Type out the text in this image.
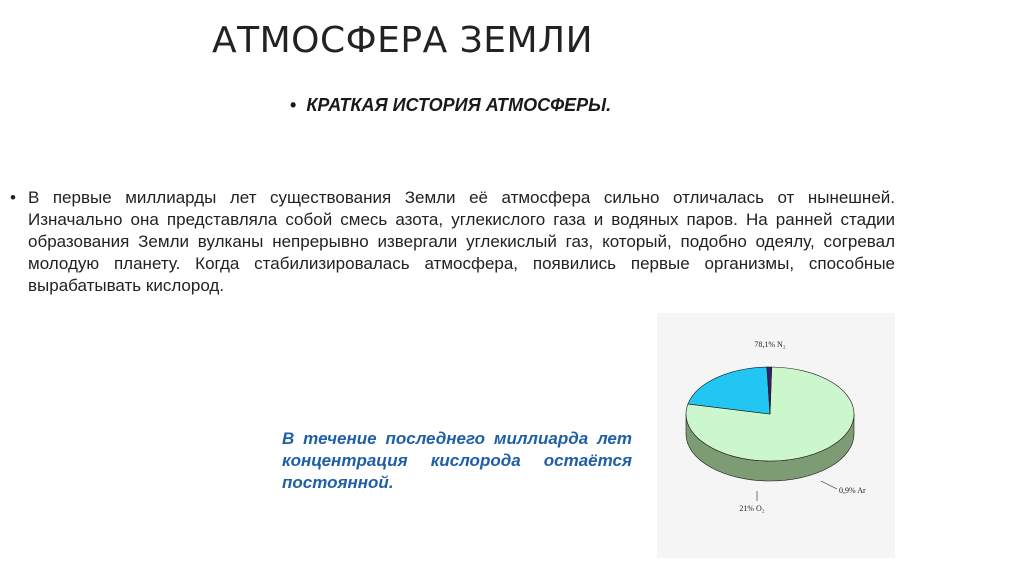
АТМОСФЕРА ЗЕМЛИ
• КРАТКАЯ ИСТОРИЯ АТМОСФЕРЫ.
• В первые миллиарды лет существования Земли её атмосфера сильно отличалась от нынешней. Изначально она представляла собой смесь азота, углекислого газа и водяных паров. На ранней стадии образования Земли вулканы непрерывно извергали углекислый газ, который, подобно одеялу, согревал молодую планету. Когда стабилизировалась атмосфера, появились первые организмы, способные вырабатывать кислород.
В течение последнего миллиарда лет концентрация кислорода остаётся постоянной.
78,1% N₂
21% O₂
0,9% Ar
